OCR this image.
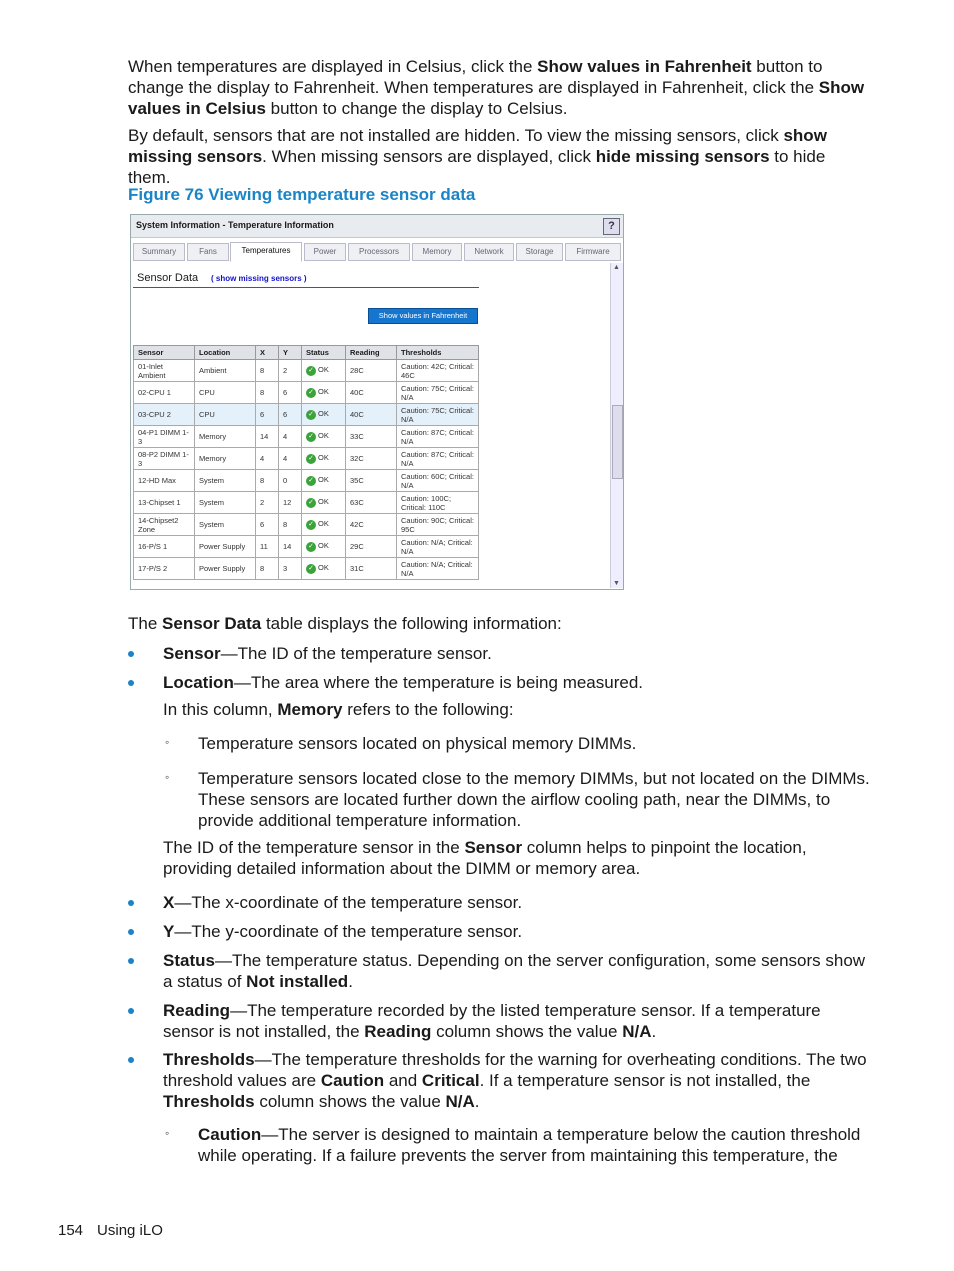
When temperatures are displayed in Celsius, click the Show values in Fahrenheit button to change the display to Fahrenheit. When temperatures are displayed in Fahrenheit, click the Show values in Celsius button to change the display to Celsius.
By default, sensors that are not installed are hidden. To view the missing sensors, click show missing sensors. When missing sensors are displayed, click hide missing sensors to hide them.
Figure 76 Viewing temperature sensor data
System Information - Temperature Information	?
Summary	Fans	Temperatures	Power	Processors	Memory	Network	Storage	Firmware
Sensor Data ( show missing sensors )
Show values in Fahrenheit
Sensor	Location	X	Y	Status	Reading	Thresholds
01-Inlet Ambient	Ambient	8	2	✓ OK	28C	Caution: 42C; Critical: 46C
02-CPU 1	CPU	8	6	✓ OK	40C	Caution: 75C; Critical: N/A
03-CPU 2	CPU	6	6	✓ OK	40C	Caution: 75C; Critical: N/A
04-P1 DIMM 1-3	Memory	14	4	✓ OK	33C	Caution: 87C; Critical: N/A
08-P2 DIMM 1-3	Memory	4	4	✓ OK	32C	Caution: 87C; Critical: N/A
12-HD Max	System	8	0	✓ OK	35C	Caution: 60C; Critical: N/A
13-Chipset 1	System	2	12	✓ OK	63C	Caution: 100C; Critical: 110C
14-Chipset2 Zone	System	6	8	✓ OK	42C	Caution: 90C; Critical: 95C
16-P/S 1	Power Supply	11	14	✓ OK	29C	Caution: N/A; Critical: N/A
17-P/S 2	Power Supply	8	3	✓ OK	31C	Caution: N/A; Critical: N/A
▲
▼
The Sensor Data table displays the following information:
Sensor—The ID of the temperature sensor.
Location—The area where the temperature is being measured.
In this column, Memory refers to the following:
◦ Temperature sensors located on physical memory DIMMs.
◦ Temperature sensors located close to the memory DIMMs, but not located on the DIMMs. These sensors are located further down the airflow cooling path, near the DIMMs, to provide additional temperature information.
The ID of the temperature sensor in the Sensor column helps to pinpoint the location, providing detailed information about the DIMM or memory area.
X—The x-coordinate of the temperature sensor.
Y—The y-coordinate of the temperature sensor.
Status—The temperature status. Depending on the server configuration, some sensors show a status of Not installed.
Reading—The temperature recorded by the listed temperature sensor. If a temperature sensor is not installed, the Reading column shows the value N/A.
Thresholds—The temperature thresholds for the warning for overheating conditions. The two threshold values are Caution and Critical. If a temperature sensor is not installed, the Thresholds column shows the value N/A.
◦ Caution—The server is designed to maintain a temperature below the caution threshold while operating. If a failure prevents the server from maintaining this temperature, the
154 Using iLO
